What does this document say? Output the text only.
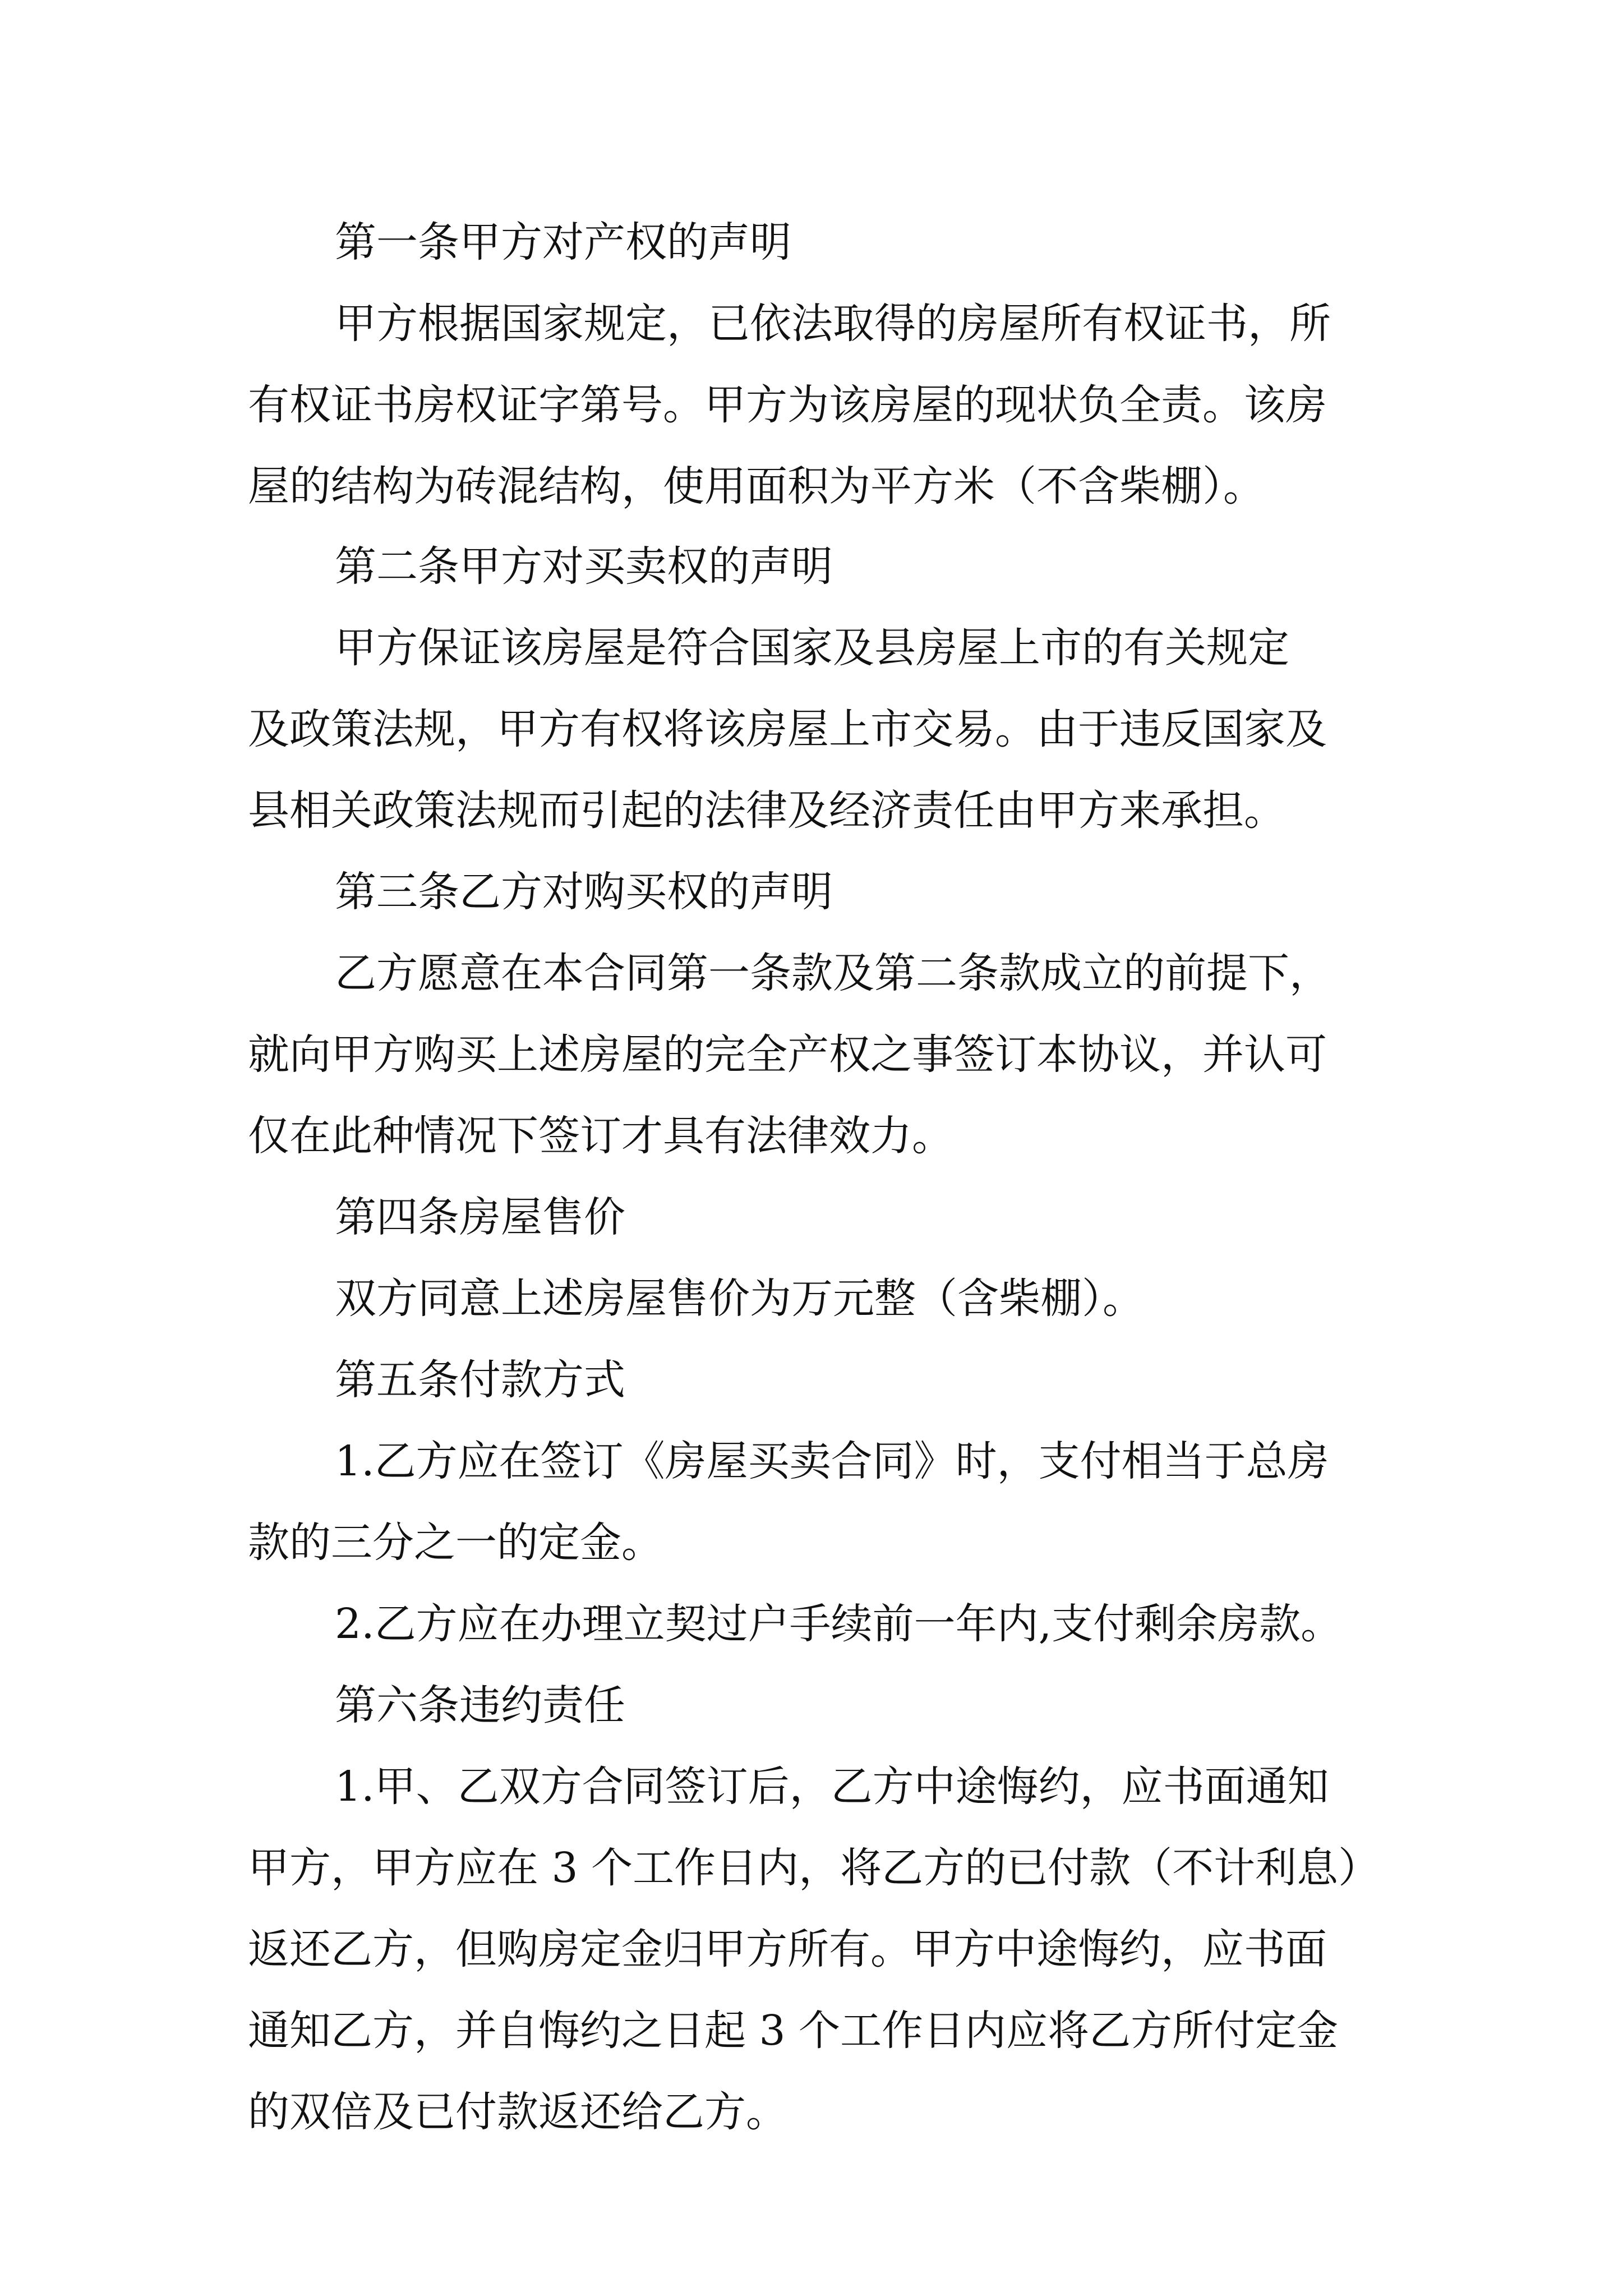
第一条甲方对产权的声明
甲方根据国家规定，已依法取得的房屋所有权证书，所
有权证书房权证字第号。甲方为该房屋的现状负全责。该房
屋的结构为砖混结构，使用面积为平方米（不含柴棚）。
第二条甲方对买卖权的声明
甲方保证该房屋是符合国家及县房屋上市的有关规定
及政策法规，甲方有权将该房屋上市交易。由于违反国家及
县相关政策法规而引起的法律及经济责任由甲方来承担。
第三条乙方对购买权的声明
乙方愿意在本合同第一条款及第二条款成立的前提下，
就向甲方购买上述房屋的完全产权之事签订本协议，并认可
仅在此种情况下签订才具有法律效力。
第四条房屋售价
双方同意上述房屋售价为万元整（含柴棚）。
第五条付款方式
1.乙方应在签订《房屋买卖合同》时，支付相当于总房
款的三分之一的定金。
2.乙方应在办理立契过户手续前一年内,支付剩余房款。
第六条违约责任
1.甲、乙双方合同签订后，乙方中途悔约，应书面通知
甲方，甲方应在 3 个工作日内，将乙方的已付款（不计利息）
返还乙方，但购房定金归甲方所有。甲方中途悔约，应书面
通知乙方，并自悔约之日起 3 个工作日内应将乙方所付定金
的双倍及已付款返还给乙方。
